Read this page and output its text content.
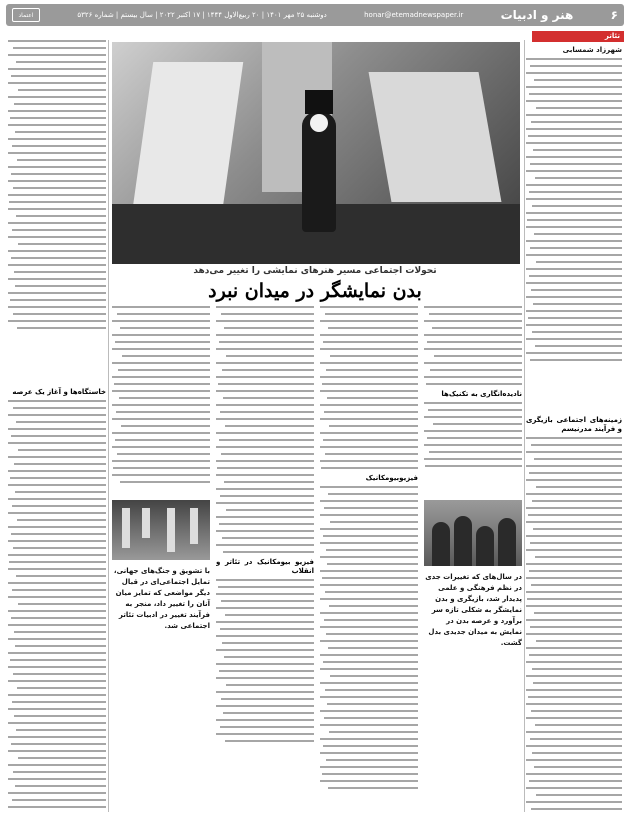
اعتماد	دوشنبه ۲۵ مهر ۱۴۰۱ | ۲۰ ربیع‌الاول ۱۴۴۴ | ۱۷ اکتبر ۲۰۲۲ | سال بیستم | شماره ۵۳۲۶	honar@etemadnewspaper.ir	هنر و ادبیات	۶
تئاتر
شهرزاد شمسابی
زمینه‌های اجتماعی بازیگری و فرآیند مدرنیسم
خاستگاه‌ها و آغاز یک عرصه
تحولات اجتماعی مسیر هنرهای نمایشی را تغییر می‌دهد
بدن نمایشگر در میدان نبرد
نادیده‌انگاری به تکنیک‌ها
فیزیو‌بیومکانیک
فیزیو بیومکانیک در تئاتر و انقلاب
با تشویق و جنگ‌های جهانی، تمایل اجتماعی‌ای در قبال دیگر مواضعی که تمایز میان آنان را تغییر داد، منجر به فرآیند تغییر در ادبیات تئاتر اجتماعی شد.
در سال‌های که تغییرات جدی در نظم فرهنگی و علمی پدیدار شد، بازیگری و بدن نمایشگر به شکلی تازه سر برآورد و عرصه بدن در نمایش به میدان جدیدی بدل گشت.
